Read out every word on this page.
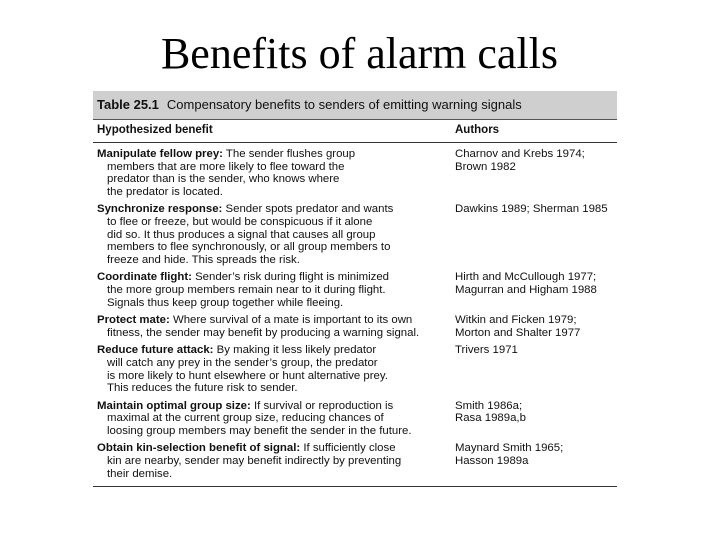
Benefits of alarm calls
Table 25.1 Compensatory benefits to senders of emitting warning signals
Hypothesized benefit	Authors
Manipulate fellow prey: The sender flushes group
members that are more likely to flee toward the
predator than is the sender, who knows where
the predator is located.
Charnov and Krebs 1974;
Brown 1982
Synchronize response: Sender spots predator and wants
to flee or freeze, but would be conspicuous if it alone
did so. It thus produces a signal that causes all group
members to flee synchronously, or all group members to
freeze and hide. This spreads the risk.
Dawkins 1989; Sherman 1985
Coordinate flight: Sender’s risk during flight is minimized
the more group members remain near to it during flight.
Signals thus keep group together while fleeing.
Hirth and McCullough 1977;
Magurran and Higham 1988
Protect mate: Where survival of a mate is important to its own
fitness, the sender may benefit by producing a warning signal.
Witkin and Ficken 1979;
Morton and Shalter 1977
Reduce future attack: By making it less likely predator
will catch any prey in the sender’s group, the predator
is more likely to hunt elsewhere or hunt alternative prey.
This reduces the future risk to sender.
Trivers 1971
Maintain optimal group size: If survival or reproduction is
maximal at the current group size, reducing chances of
loosing group members may benefit the sender in the future.
Smith 1986a;
Rasa 1989a,b
Obtain kin-selection benefit of signal: If sufficiently close
kin are nearby, sender may benefit indirectly by preventing
their demise.
Maynard Smith 1965;
Hasson 1989a
